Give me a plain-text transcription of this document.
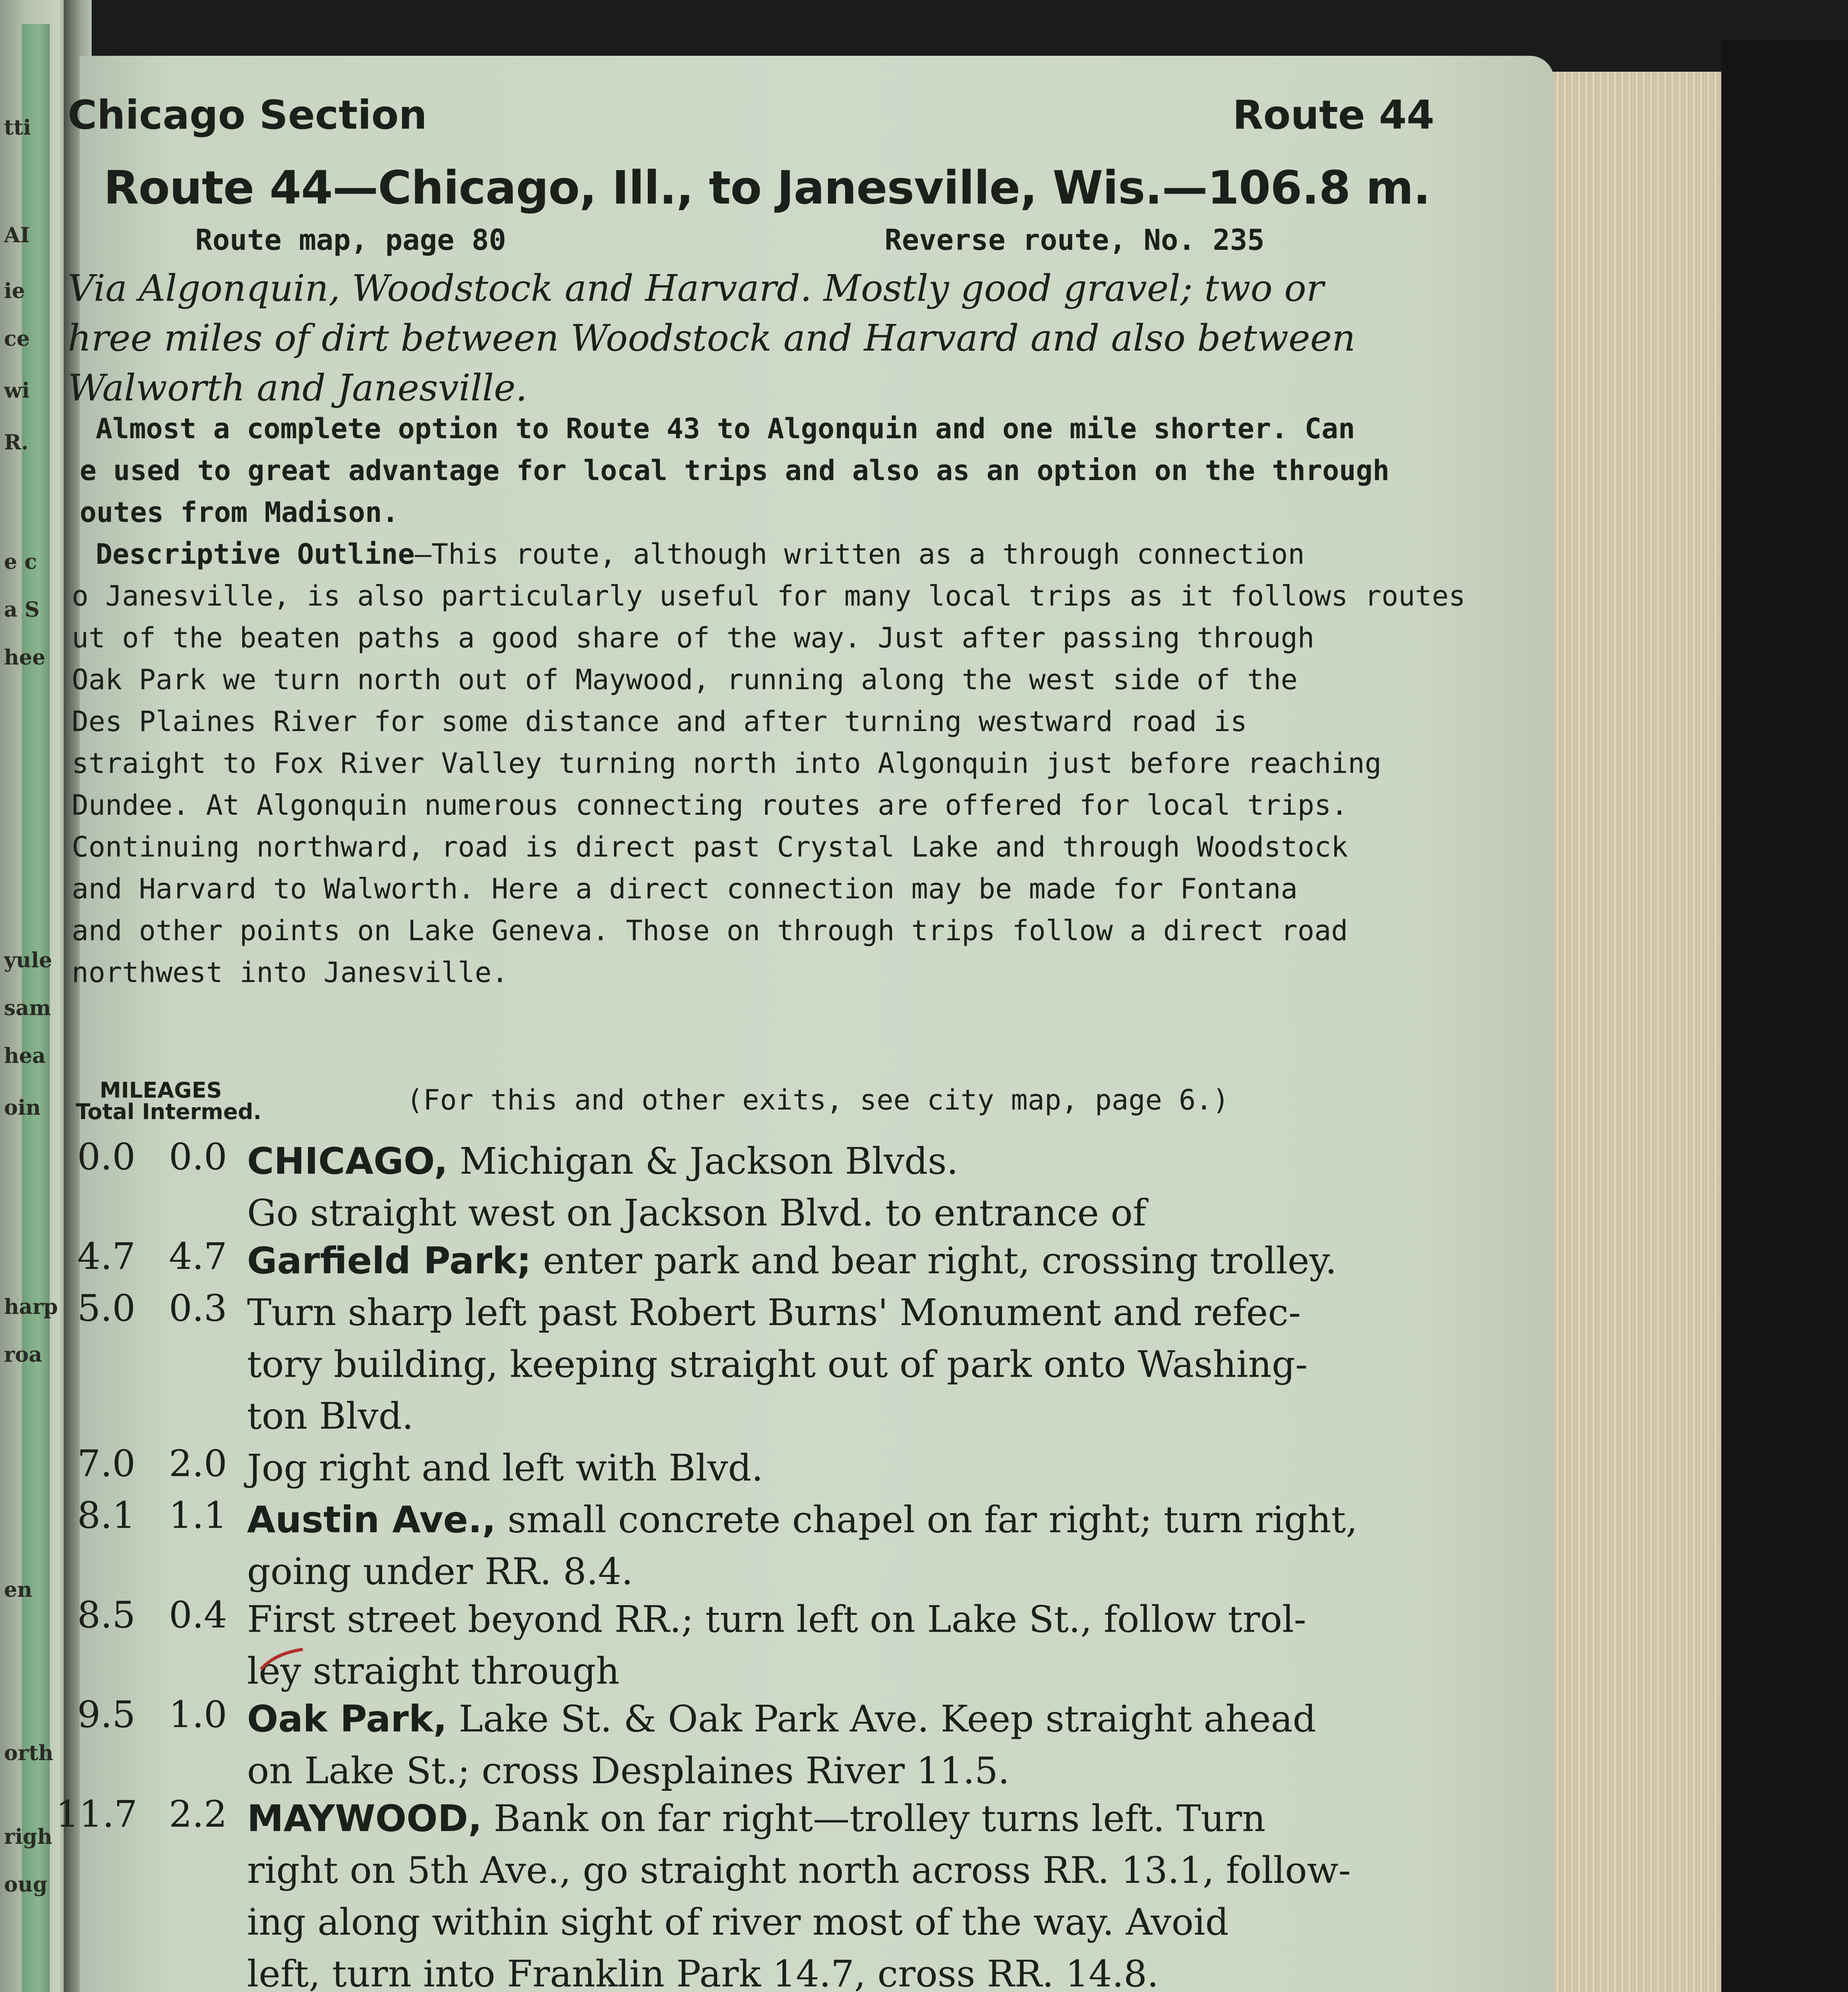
tti
AI
ie
ce
wi
R.
e c
a S
hee
yule
sam
hea
oin
harp
roa
en
orth
righ
oug
Chicago Section	Route 44
Route 44—Chicago, Ill., to Janesville, Wis.—106.8 m.
Route map, page 80	Reverse route, No. 235
Via Algonquin, Woodstock and Harvard. Mostly good gravel; two or
hree miles of dirt between Woodstock and Harvard and also between
Walworth and Janesville.
Almost a complete option to Route 43 to Algonquin and one mile shorter. Can
e used to great advantage for local trips and also as an option on the through
outes from Madison.
Descriptive Outline—This route, although written as a through connection
o Janesville, is also particularly useful for many local trips as it follows routes
ut of the beaten paths a good share of the way. Just after passing through
Oak Park we turn north out of Maywood, running along the west side of the
Des Plaines River for some distance and after turning westward road is
straight to Fox River Valley turning north into Algonquin just before reaching
Dundee. At Algonquin numerous connecting routes are offered for local trips.
Continuing northward, road is direct past Crystal Lake and through Woodstock
and Harvard to Walworth. Here a direct connection may be made for Fontana
and other points on Lake Geneva. Those on through trips follow a direct road
northwest into Janesville.
MILEAGES
Total Intermed.	(For this and other exits, see city map, page 6.)
0.0 0.0 CHICAGO, Michigan & Jackson Blvds.
Go straight west on Jackson Blvd. to entrance of
4.7 4.7 Garfield Park; enter park and bear right, crossing trolley.
5.0 0.3 Turn sharp left past Robert Burns' Monument and refec-
tory building, keeping straight out of park onto Washing-
ton Blvd.
7.0 2.0 Jog right and left with Blvd.
8.1 1.1 Austin Ave., small concrete chapel on far right; turn right,
going under RR. 8.4.
8.5 0.4 First street beyond RR.; turn left on Lake St., follow trol-
ley straight through
9.5 1.0 Oak Park, Lake St. & Oak Park Ave. Keep straight ahead
on Lake St.; cross Desplaines River 11.5.
11.7 2.2 MAYWOOD, Bank on far right—trolley turns left. Turn
right on 5th Ave., go straight north across RR. 13.1, follow-
ing along within sight of river most of the way. Avoid
left, turn into Franklin Park 14.7, cross RR. 14.8.
